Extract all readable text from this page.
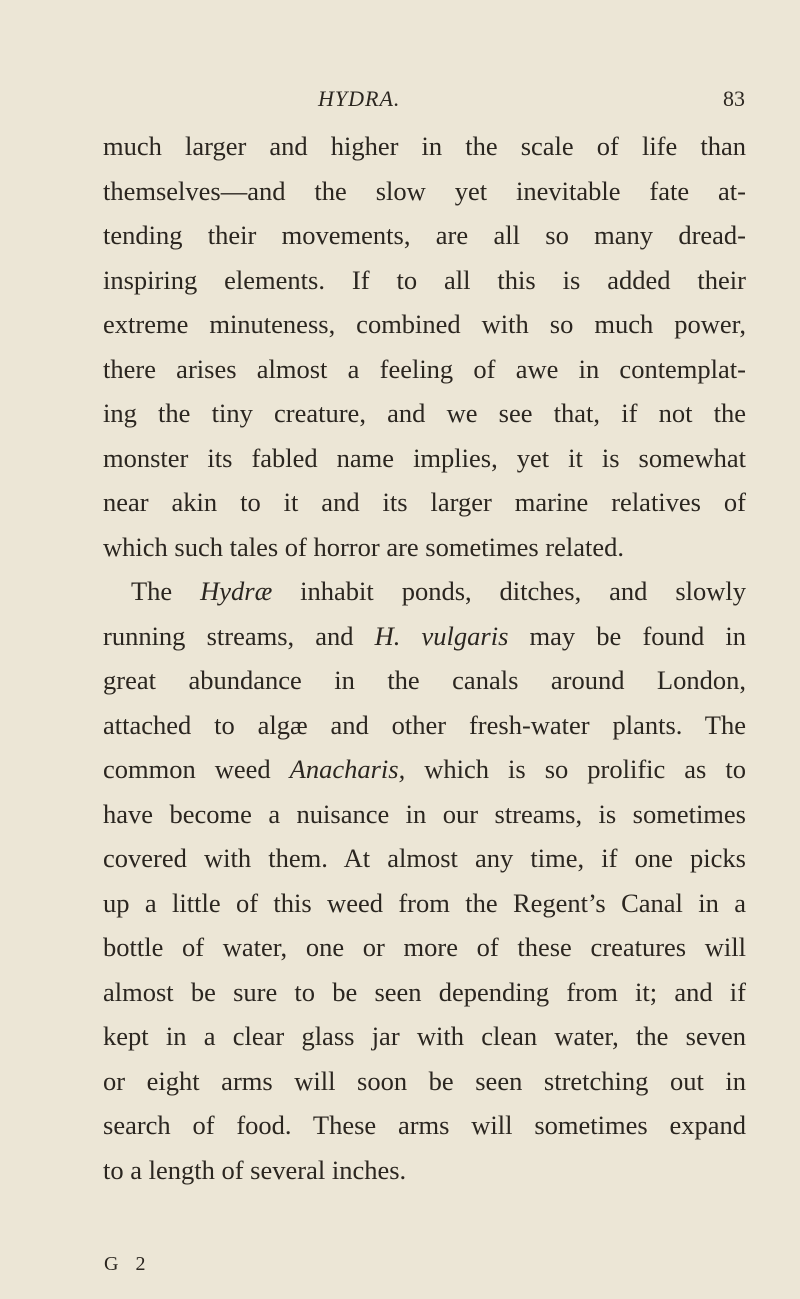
HYDRA.	83
much larger and higher in the scale of life than
themselves—and the slow yet inevitable fate at-
tending their movements, are all so many dread-
inspiring elements. If to all this is added their
extreme minuteness, combined with so much power,
there arises almost a feeling of awe in contemplat-
ing the tiny creature, and we see that, if not the
monster its fabled name implies, yet it is somewhat
near akin to it and its larger marine relatives of
which such tales of horror are sometimes related.
The Hydræ inhabit ponds, ditches, and slowly
running streams, and H. vulgaris may be found in
great abundance in the canals around London,
attached to algæ and other fresh-water plants. The
common weed Anacharis, which is so prolific as to
have become a nuisance in our streams, is sometimes
covered with them. At almost any time, if one picks
up a little of this weed from the Regent’s Canal in a
bottle of water, one or more of these creatures will
almost be sure to be seen depending from it; and if
kept in a clear glass jar with clean water, the seven
or eight arms will soon be seen stretching out in
search of food. These arms will sometimes expand
to a length of several inches.
G 2
